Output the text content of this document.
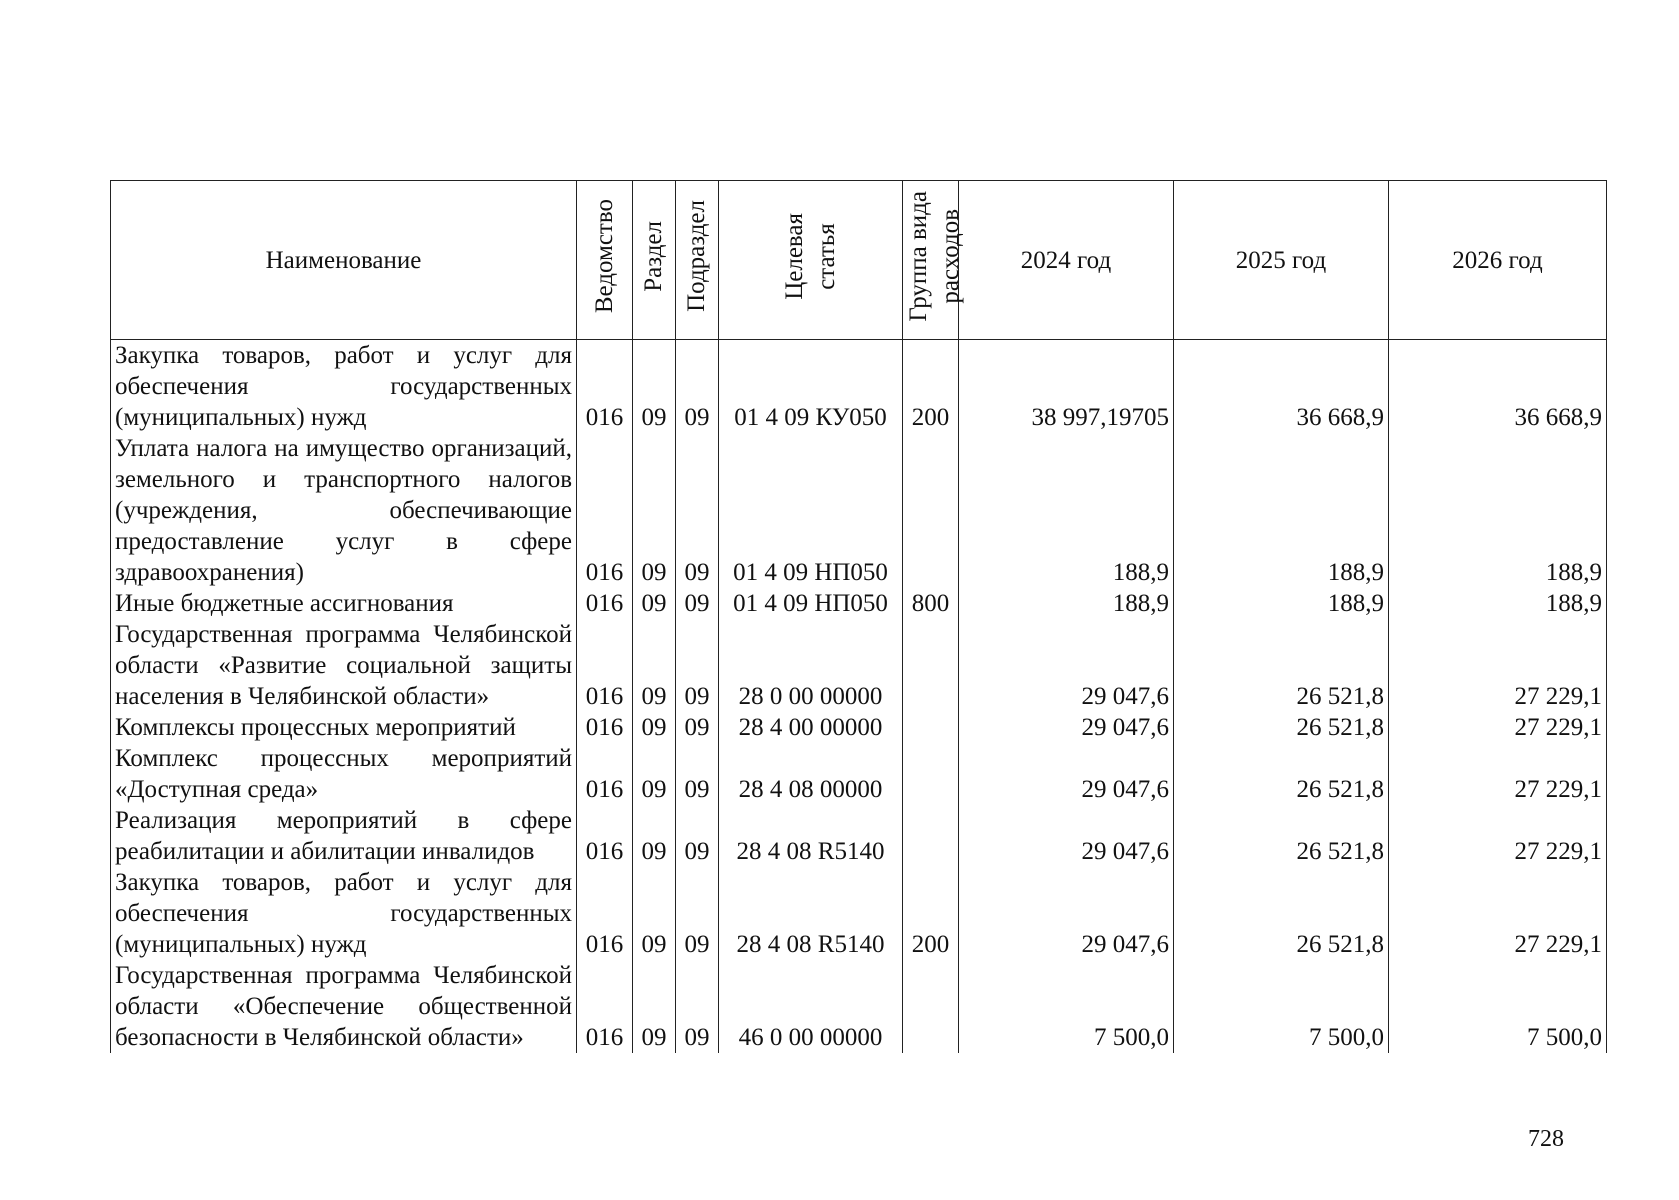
Наименование	Ведомство	Раздел	Подраздел	Целевая статья	Группа вида расходов	2024 год	2025 год	2026 год
Закупка товаров, работ и услуг для обеспечения государственных (муниципальных) нужд	016	09	09	01 4 09 КУ050	200	38 997,19705	36 668,9	36 668,9
Уплата налога на имущество организаций, земельного и транспортного налогов (учреждения, обеспечивающие предоставление услуг в сфере здравоохранения)	016	09	09	01 4 09 НП050		188,9	188,9	188,9
Иные бюджетные ассигнования	016	09	09	01 4 09 НП050	800	188,9	188,9	188,9
Государственная программа Челябинской области «Развитие социальной защиты населения в Челябинской области»	016	09	09	28 0 00 00000		29 047,6	26 521,8	27 229,1
Комплексы процессных мероприятий	016	09	09	28 4 00 00000		29 047,6	26 521,8	27 229,1
Комплекс процессных мероприятий «Доступная среда»	016	09	09	28 4 08 00000		29 047,6	26 521,8	27 229,1
Реализация мероприятий в сфере реабилитации и абилитации инвалидов	016	09	09	28 4 08 R5140		29 047,6	26 521,8	27 229,1
Закупка товаров, работ и услуг для обеспечения государственных (муниципальных) нужд	016	09	09	28 4 08 R5140	200	29 047,6	26 521,8	27 229,1
Государственная программа Челябинской области «Обеспечение общественной безопасности в Челябинской области»	016	09	09	46 0 00 00000		7 500,0	7 500,0	7 500,0
728
